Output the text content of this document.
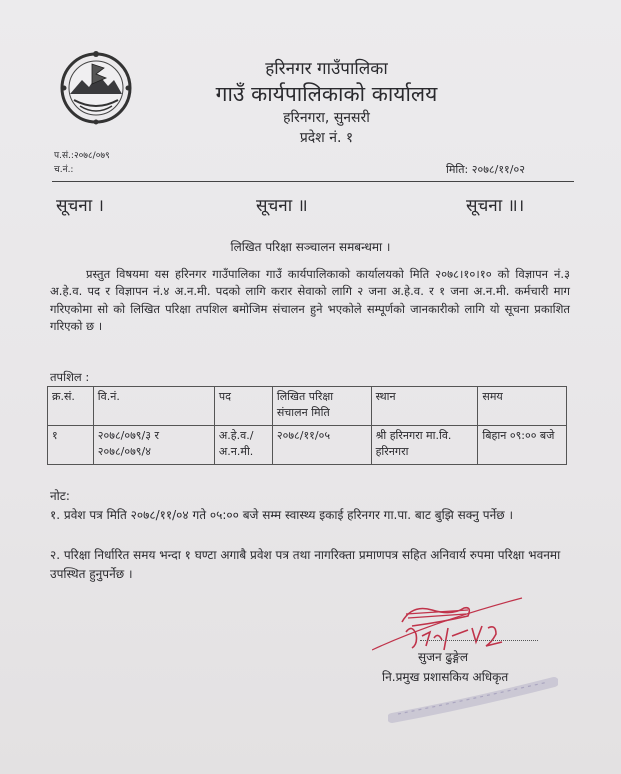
हरिनगर गाउँपालिका
गाउँ कार्यपालिकाको कार्यालय
हरिनगरा, सुनसरी
प्रदेश नं. १
प.सं.:२०७८/०७९
च.नं.:	मिति: २०७८/११/०२
सूचना ।	सूचना ॥	सूचना ॥।
लिखित परिक्षा सञ्चालन समबन्धमा ।
प्रस्तुत विषयमा यस हरिनगर गाउँपालिका गाउँ कार्यपालिकाको कार्यालयको मिति २०७८।१०।१० को विज्ञापन नं.३ अ.हे.व. पद र विज्ञापन नं.४ अ.न.मी. पदको लागि करार सेवाको लागि २ जना अ.हे.व. र १ जना अ.न.मी. कर्मचारी माग गरिएकोमा सो को लिखित परिक्षा तपशिल बमोजिम संचालन हुने भएकोले सम्पूर्णको जानकारीको लागि यो सूचना प्रकाशित गरिएको छ ।
तपशिल :
क्र.सं.	वि.नं.	पद	लिखित परिक्षा संचालन मिति	स्थान	समय
१	२०७८/०७९/३ र २०७८/०७९/४	अ.हे.व./ अ.न.मी.	२०७८/११/०५	श्री हरिनगरा मा.वि. हरिनगरा	बिहान ०९:०० बजे
नोट:
१. प्रवेश पत्र मिति २०७८/११/०४ गते ०५:०० बजे सम्म स्वास्थ्य इकाई हरिनगर गा.पा. बाट बुझि सक्नु पर्नेछ ।
२. परिक्षा निर्धारित समय भन्दा १ घण्टा अगाबै प्रवेश पत्र तथा नागरिक्ता प्रमाणपत्र सहित अनिवार्य रुपमा परिक्षा भवनमा उपस्थित हुनुपर्नेछ ।
सुजन ढुङ्गेल
नि.प्रमुख प्रशासकिय अधिकृत
